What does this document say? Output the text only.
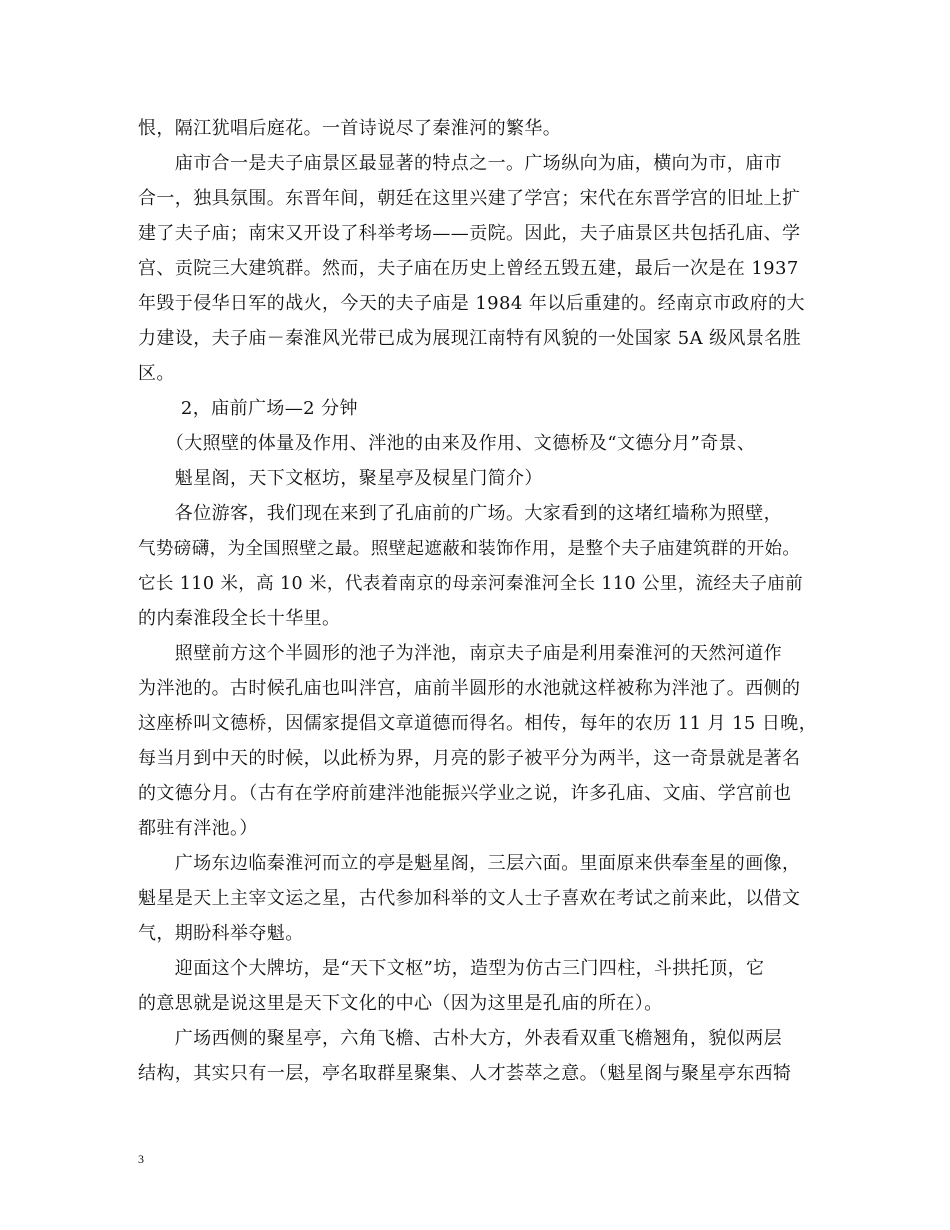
恨，隔江犹唱后庭花。一首诗说尽了秦淮河的繁华。
　　庙市合一是夫子庙景区最显著的特点之一。广场纵向为庙，横向为市，庙市
合一，独具氛围。东晋年间，朝廷在这里兴建了学宫；宋代在东晋学宫的旧址上扩
建了夫子庙；南宋又开设了科举考场——贡院。因此，夫子庙景区共包括孔庙、学
宫、贡院三大建筑群。然而，夫子庙在历史上曾经五毁五建，最后一次是在 1937
年毁于侵华日军的战火，今天的夫子庙是 1984 年以后重建的。经南京市政府的大
力建设，夫子庙－秦淮风光带已成为展现江南特有风貌的一处国家 5A 级风景名胜
区。
　　 2，庙前广场—2 分钟
　　（大照壁的体量及作用、泮池的由来及作用、文德桥及“文德分月”奇景、
　　魁星阁，天下文枢坊，聚星亭及棂星门简介）
　　各位游客，我们现在来到了孔庙前的广场。大家看到的这堵红墙称为照壁，
气势磅礴，为全国照壁之最。照壁起遮蔽和装饰作用，是整个夫子庙建筑群的开始。
它长 110 米，高 10 米，代表着南京的母亲河秦淮河全长 110 公里，流经夫子庙前
的内秦淮段全长十华里。
　　照壁前方这个半圆形的池子为泮池，南京夫子庙是利用秦淮河的天然河道作
为泮池的。古时候孔庙也叫泮宫，庙前半圆形的水池就这样被称为泮池了。西侧的
这座桥叫文德桥，因儒家提倡文章道德而得名。相传，每年的农历 11 月 15 日晚，
每当月到中天的时候，以此桥为界，月亮的影子被平分为两半，这一奇景就是著名
的文德分月。（古有在学府前建泮池能振兴学业之说，许多孔庙、文庙、学宫前也
都驻有泮池。）
　　广场东边临秦淮河而立的亭是魁星阁，三层六面。里面原来供奉奎星的画像，
魁星是天上主宰文运之星，古代参加科举的文人士子喜欢在考试之前来此，以借文
气，期盼科举夺魁。
　　迎面这个大牌坊，是“天下文枢”坊，造型为仿古三门四柱，斗拱托顶，它
的意思就是说这里是天下文化的中心（因为这里是孔庙的所在）。
　　广场西侧的聚星亭，六角飞檐、古朴大方，外表看双重飞檐翘角，貌似两层
结构，其实只有一层，亭名取群星聚集、人才荟萃之意。（魁星阁与聚星亭东西犄
3
